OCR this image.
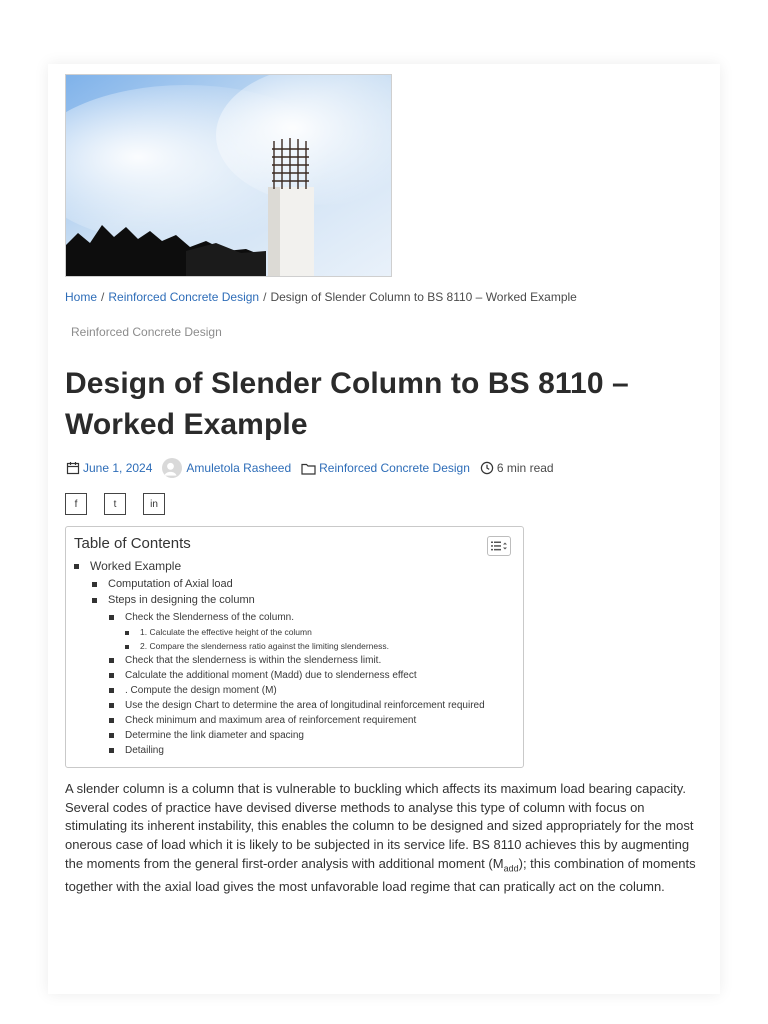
Home / Reinforced Concrete Design / Design of Slender Column to BS 8110 – Worked Example
Reinforced Concrete Design
Design of Slender Column to BS 8110 – Worked Example
June 1, 2024	Amuletola Rasheed Reinforced Concrete Design 6 min read
f	t	in
Table of Contents
Worked Example
Computation of Axial load
Steps in designing the column
Check the Slenderness of the column.
1. Calculate the effective height of the column
2. Compare the slenderness ratio against the limiting slenderness.
Check that the slenderness is within the slenderness limit.
Calculate the additional moment (Madd) due to slenderness effect
. Compute the design moment (M)
Use the design Chart to determine the area of longitudinal reinforcement required
Check minimum and maximum area of reinforcement requirement
Determine the link diameter and spacing
Detailing

A slender column is a column that is vulnerable to buckling which affects its maximum load bearing capacity. Several codes of practice have devised diverse methods to analyse this type of column with focus on stimulating its inherent instability, this enables the column to be designed and sized appropriately for the most onerous case of load which it is likely to be subjected in its service life. BS 8110 achieves this by augmenting the moments from the general first-order analysis with additional moment $(M_{add})$; this combination of moments together with the axial load gives the most unfavorable load regime that can pratically act on the column.
